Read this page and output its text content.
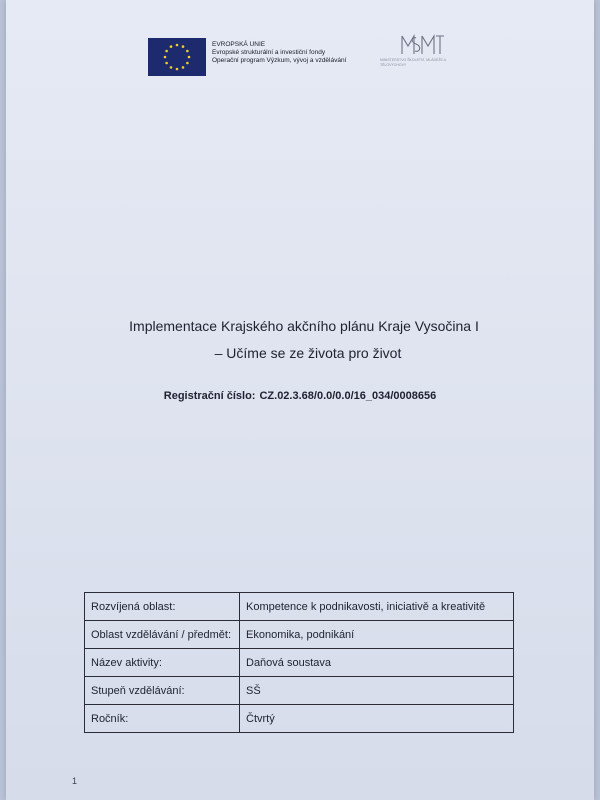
EVROPSKÁ UNIE
Evropské strukturální a investiční fondy
Operační program Výzkum, vývoj a vzdělávání	MINISTERSTVO ŠKOLSTVÍ, MLÁDEŽE A TĚLOVÝCHOVY
Implementace Krajského akčního plánu Kraje Vysočina I
– Učíme se ze života pro život
Registrační číslo: CZ.02.3.68/0.0/0.0/16_034/0008656
Rozvíjená oblast:	Kompetence k podnikavosti, iniciativě a kreativitě
Oblast vzdělávání / předmět:	Ekonomika, podnikání
Název aktivity:	Daňová soustava
Stupeň vzdělávání:	SŠ
Ročník:	Čtvrtý
1
